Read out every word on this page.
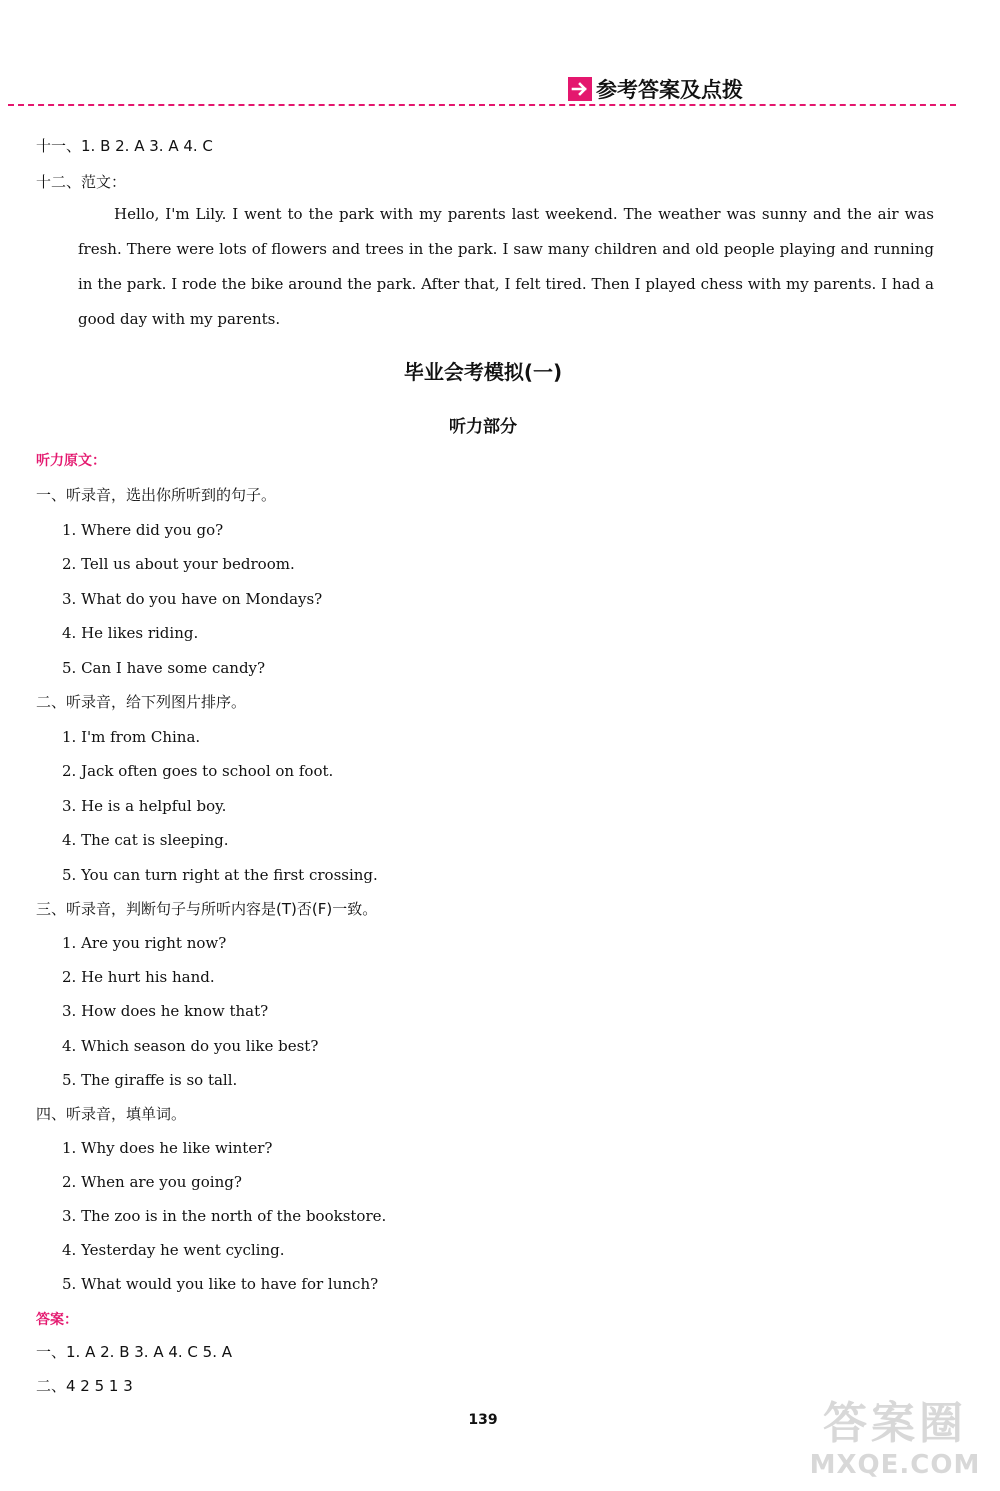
参考答案及点拨
十一、1. B 2. A 3. A 4. C
十二、范文：
Hello, I'm Lily. I went to the park with my parents last weekend. The weather was sunny and the air was fresh. There were lots of flowers and trees in the park. I saw many children and old people playing and running in the park. I rode the bike around the park. After that, I felt tired. Then I played chess with my parents. I had a good day with my parents.
毕业会考模拟(一)
听力部分
听力原文：
一、听录音，选出你所听到的句子。
1. Where did you go?
2. Tell us about your bedroom.
3. What do you have on Mondays?
4. He likes riding.
5. Can I have some candy?
二、听录音，给下列图片排序。
1. I'm from China.
2. Jack often goes to school on foot.
3. He is a helpful boy.
4. The cat is sleeping.
5. You can turn right at the first crossing.
三、听录音，判断句子与所听内容是(T)否(F)一致。
1. Are you right now?
2. He hurt his hand.
3. How does he know that?
4. Which season do you like best?
5. The giraffe is so tall.
四、听录音，填单词。
1. Why does he like winter?
2. When are you going?
3. The zoo is in the north of the bookstore.
4. Yesterday he went cycling.
5. What would you like to have for lunch?
答案：
一、1. A 2. B 3. A 4. C 5. A
二、4 2 5 1 3
139	答案圈
MXQE.COM
